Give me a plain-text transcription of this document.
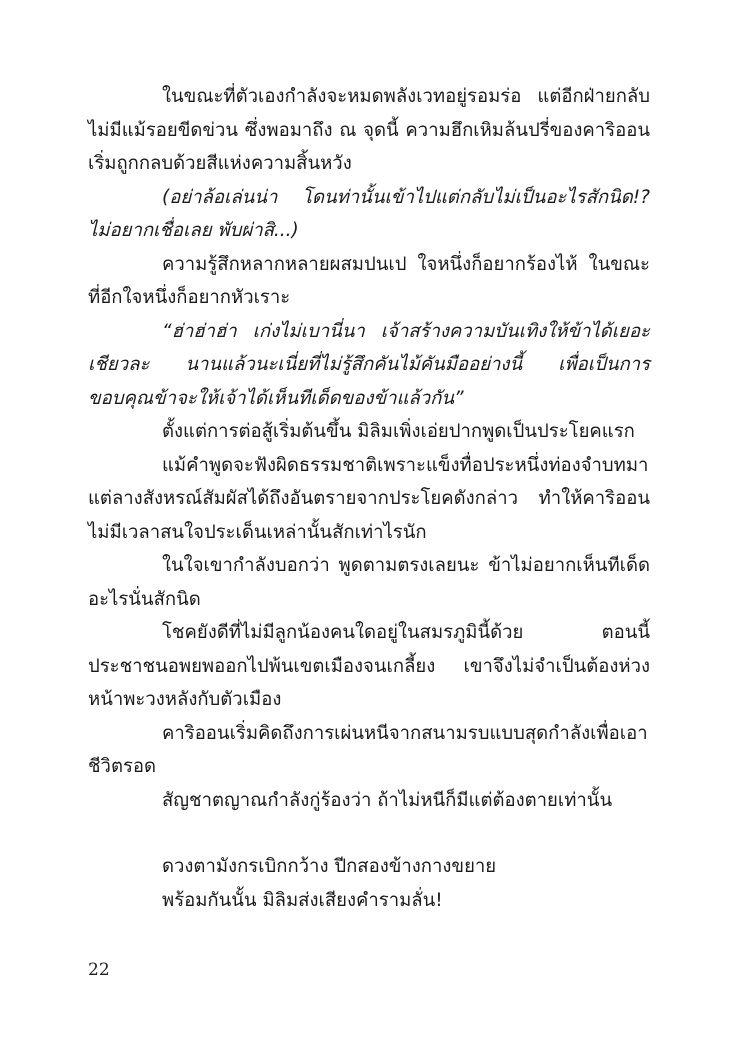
ในขณะที่ตัวเองกำลังจะหมดพลังเวทอยู่รอมร่อ แต่อีกฝ่ายกลับไม่มีแม้รอยขีดข่วน ซึ่งพอมาถึง ณ จุดนี้ ความฮึกเหิมล้นปรี่ของคาริออนเริ่มถูกกลบด้วยสีแห่งความสิ้นหวัง

(อย่าล้อเล่นน่า โดนท่านั้นเข้าไปแต่กลับไม่เป็นอะไรสักนิด!? ไม่อยากเชื่อเลย พับผ่าสิ...)

ความรู้สึกหลากหลายผสมปนเป ใจหนึ่งก็อยากร้องไห้ ในขณะที่อีกใจหนึ่งก็อยากหัวเราะ

“ฮ่าฮ่าฮ่า เก่งไม่เบานี่นา เจ้าสร้างความบันเทิงให้ข้าได้เยอะเชียวละ นานแล้วนะเนี่ยที่ไม่รู้สึกคันไม้คันมืออย่างนี้ เพื่อเป็นการขอบคุณข้าจะให้เจ้าได้เห็นทีเด็ดของข้าแล้วกัน”

ตั้งแต่การต่อสู้เริ่มต้นขึ้น มิลิมเพิ่งเอ่ยปากพูดเป็นประโยคแรก

แม้คำพูดจะฟังผิดธรรมชาติเพราะแข็งทื่อประหนึ่งท่องจำบทมา แต่ลางสังหรณ์สัมผัสได้ถึงอันตรายจากประโยคดังกล่าว ทำให้คาริออนไม่มีเวลาสนใจประเด็นเหล่านั้นสักเท่าไรนัก

ในใจเขากำลังบอกว่า พูดตามตรงเลยนะ ข้าไม่อยากเห็นทีเด็ดอะไรนั่นสักนิด

โชคยังดีที่ไม่มีลูกน้องคนใดอยู่ในสมรภูมินี้ด้วย ตอนนี้ประชาชนอพยพออกไปพ้นเขตเมืองจนเกลี้ยง เขาจึงไม่จำเป็นต้องห่วงหน้าพะวงหลังกับตัวเมือง

คาริออนเริ่มคิดถึงการเผ่นหนีจากสนามรบแบบสุดกำลังเพื่อเอาชีวิตรอด

สัญชาตญาณกำลังกู่ร้องว่า ถ้าไม่หนีก็มีแต่ต้องตายเท่านั้น

ดวงตามังกรเบิกกว้าง ปีกสองข้างกางขยาย

พร้อมกันนั้น มิลิมส่งเสียงคำรามลั่น!

22
